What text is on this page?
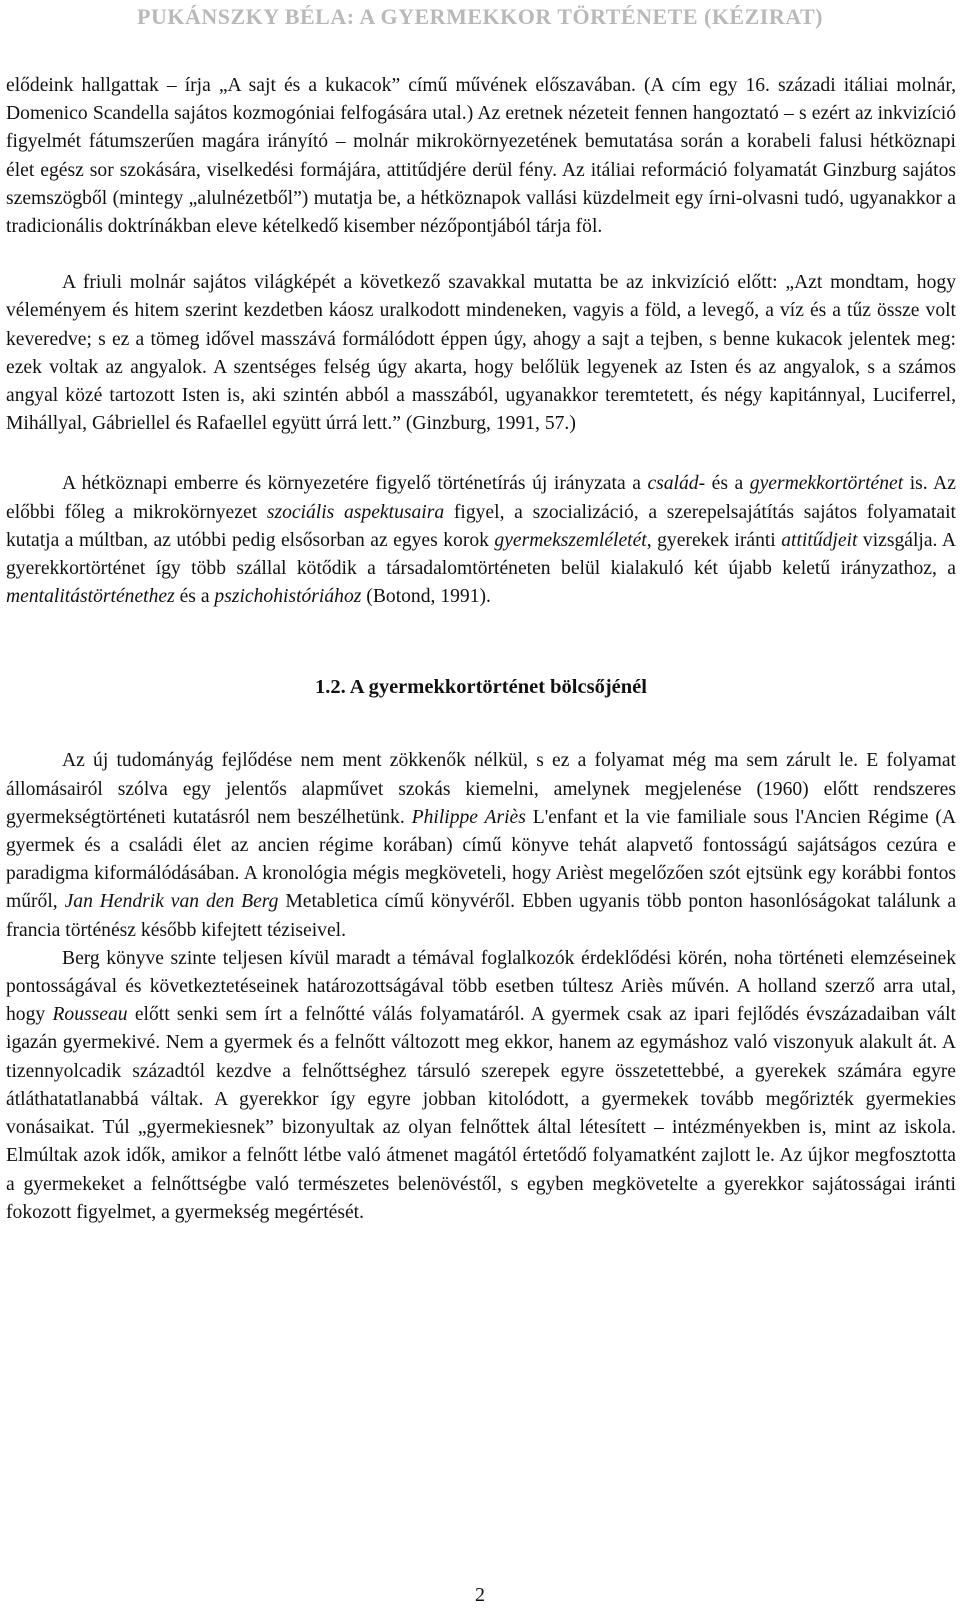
PUKÁNSZKY BÉLA: A GYERMEKKOR TÖRTÉNETE (KÉZIRAT)

elődeink hallgattak – írja „A sajt és a kukacok” című művének előszavában. (A cím egy 16. századi itáliai molnár, Domenico Scandella sajátos kozmogóniai felfogására utal.) Az eretnek nézeteit fennen hangoztató – s ezért az inkvizíció figyelmét fátumszerűen magára irányító – molnár mikrokörnyezetének bemutatása során a korabeli falusi hétköznapi élet egész sor szokására, viselkedési formájára, attitűdjére derül fény. Az itáliai reformáció folyamatát Ginzburg sajátos szemszögből (mintegy „alulnézetből”) mutatja be, a hétköznapok vallási küzdelmeit egy írni-olvasni tudó, ugyanakkor a tradicionális doktrínákban eleve kételkedő kisember nézőpontjából tárja föl.

A friuli molnár sajátos világképét a következő szavakkal mutatta be az inkvizíció előtt: „Azt mondtam, hogy véleményem és hitem szerint kezdetben káosz uralkodott mindeneken, vagyis a föld, a levegő, a víz és a tűz össze volt keveredve; s ez a tömeg idővel masszává formálódott éppen úgy, ahogy a sajt a tejben, s benne kukacok jelentek meg: ezek voltak az angyalok. A szentséges felség úgy akarta, hogy belőlük legyenek az Isten és az angyalok, s a számos angyal közé tartozott Isten is, aki szintén abból a masszából, ugyanakkor teremtetett, és négy kapitánnyal, Luciferrel, Mihállyal, Gábriellel és Rafaellel együtt úrrá lett.” (Ginzburg, 1991, 57.)

A hétköznapi emberre és környezetére figyelő történetírás új irányzata a család- és a gyermekkortörténet is. Az előbbi főleg a mikrokörnyezet szociális aspektusaira figyel, a szocializáció, a szerepelsajátítás sajátos folyamatait kutatja a múltban, az utóbbi pedig elsősorban az egyes korok gyermekszemléletét, gyerekek iránti attitűdjeit vizsgálja. A gyerekkortörténet így több szállal kötődik a társadalomtörténeten belül kialakuló két újabb keletű irányzathoz, a mentalitástörténethez és a pszichohistóriához (Botond, 1991).

1.2. A gyermekkortörténet bölcsőjénél

Az új tudományág fejlődése nem ment zökkenők nélkül, s ez a folyamat még ma sem zárult le. E folyamat állomásairól szólva egy jelentős alapművet szokás kiemelni, amelynek megjelenése (1960) előtt rendszeres gyermekségtörténeti kutatásról nem beszélhetünk. Philippe Ariès L'enfant et la vie familiale sous l'Ancien Régime (A gyermek és a családi élet az ancien régime korában) című könyve tehát alapvető fontosságú sajátságos cezúra e paradigma kiformálódásában. A kronológia mégis megköveteli, hogy Arièst megelőzően szót ejtsünk egy korábbi fontos műről, Jan Hendrik van den Berg Metabletica című könyvéről. Ebben ugyanis több ponton hasonlóságokat találunk a francia történész később kifejtett téziseivel.

Berg könyve szinte teljesen kívül maradt a témával foglalkozók érdeklődési körén, noha történeti elemzéseinek pontosságával és következtetéseinek határozottságával több esetben túltesz Ariès művén. A holland szerző arra utal, hogy Rousseau előtt senki sem írt a felnőtté válás folyamatáról. A gyermek csak az ipari fejlődés évszázadaiban vált igazán gyermekivé. Nem a gyermek és a felnőtt változott meg ekkor, hanem az egymáshoz való viszonyuk alakult át. A tizennyolcadik századtól kezdve a felnőttséghez társuló szerepek egyre összetettebbé, a gyerekek számára egyre átláthatatlanabbá váltak. A gyerekkor így egyre jobban kitolódott, a gyermekek tovább megőrizték gyermekies vonásaikat. Túl „gyermekiesnek” bizonyultak az olyan felnőttek által létesített – intézményekben is, mint az iskola. Elmúltak azok idők, amikor a felnőtt létbe való átmenet magától értetődő folyamatként zajlott le. Az újkor megfosztotta a gyermekeket a felnőttségbe való természetes belenövéstől, s egyben megkövetelte a gyerekkor sajátosságai iránti fokozott figyelmet, a gyermekség megértését.

2
